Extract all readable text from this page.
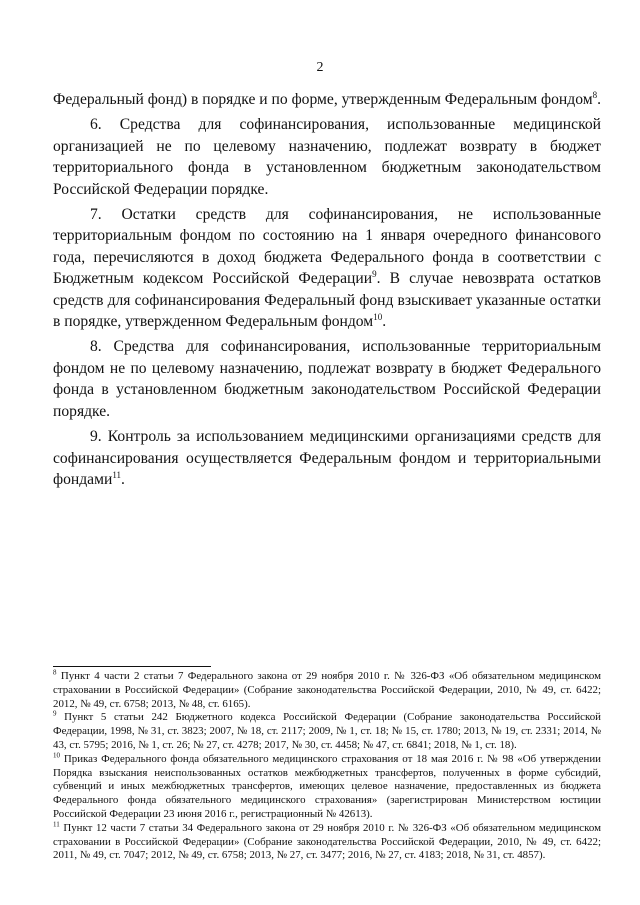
2

Федеральный фонд) в порядке и по форме, утвержденным Федеральным фондом$^8$.

6. Средства для софинансирования, использованные медицинской организацией не по целевому назначению, подлежат возврату в бюджет территориального фонда в установленном бюджетным законодательством Российской Федерации порядке.

7. Остатки средств для софинансирования, не использованные территориальным фондом по состоянию на 1 января очередного финансового года, перечисляются в доход бюджета Федерального фонда в соответствии с Бюджетным кодексом Российской Федерации$^9$. В случае невозврата остатков средств для софинансирования Федеральный фонд взыскивает указанные остатки в порядке, утвержденном Федеральным фондом$^{10}$.

8. Средства для софинансирования, использованные территориальным фондом не по целевому назначению, подлежат возврату в бюджет Федерального фонда в установленном бюджетным законодательством Российской Федерации порядке.

9. Контроль за использованием медицинскими организациями средств для софинансирования осуществляется Федеральным фондом и территориальными фондами$^{11}$.

$^8$ Пункт 4 части 2 статьи 7 Федерального закона от 29 ноября 2010 г. № 326-ФЗ «Об обязательном медицинском страховании в Российской Федерации» (Собрание законодательства Российской Федерации, 2010, № 49, ст. 6422; 2012, № 49, ст. 6758; 2013, № 48, ст. 6165).

$^9$ Пункт 5 статьи 242 Бюджетного кодекса Российской Федерации (Собрание законодательства Российской Федерации, 1998, № 31, ст. 3823; 2007, № 18, ст. 2117; 2009, № 1, ст. 18; № 15, ст. 1780; 2013, № 19, ст. 2331; 2014, № 43, ст. 5795; 2016, № 1, ст. 26; № 27, ст. 4278; 2017, № 30, ст. 4458; № 47, ст. 6841; 2018, № 1, ст. 18).

$^{10}$ Приказ Федерального фонда обязательного медицинского страхования от 18 мая 2016 г. № 98 «Об утверждении Порядка взыскания неиспользованных остатков межбюджетных трансфертов, полученных в форме субсидий, субвенций и иных межбюджетных трансфертов, имеющих целевое назначение, предоставленных из бюджета Федерального фонда обязательного медицинского страхования» (зарегистрирован Министерством юстиции Российской Федерации 23 июня 2016 г., регистрационный № 42613).

$^{11}$ Пункт 12 части 7 статьи 34 Федерального закона от 29 ноября 2010 г. № 326-ФЗ «Об обязательном медицинском страховании в Российской Федерации» (Собрание законодательства Российской Федерации, 2010, № 49, ст. 6422; 2011, № 49, ст. 7047; 2012, № 49, ст. 6758; 2013, № 27, ст. 3477; 2016, № 27, ст. 4183; 2018, № 31, ст. 4857).
